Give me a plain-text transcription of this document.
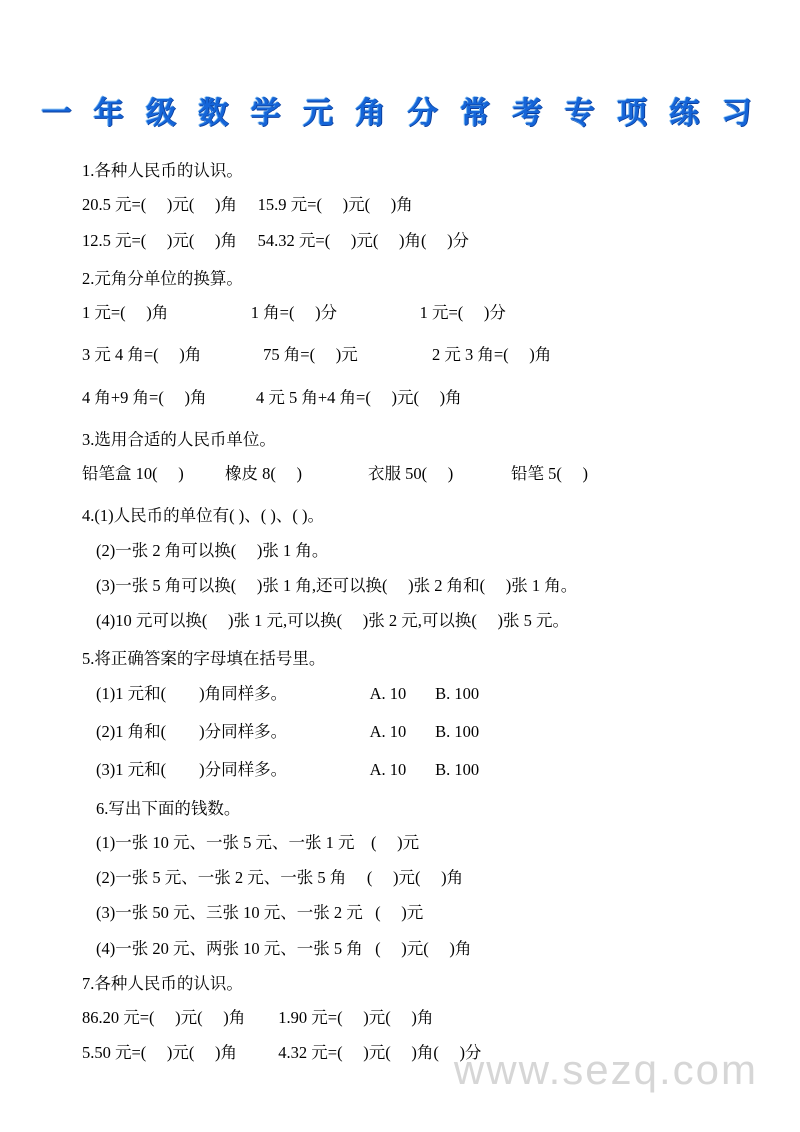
一 年 级 数 学 元 角 分 常 考 专 项 练 习
1.各种人民币的认识。
20.5 元=(     )元(     )角     15.9 元=(     )元(     )角
12.5 元=(     )元(     )角     54.32 元=(     )元(     )角(     )分
2.元角分单位的换算。
1 元=(     )角                    1 角=(     )分                    1 元=(     )分
3 元 4 角=(     )角               75 角=(     )元                  2 元 3 角=(     )角
4 角+9 角=(     )角            4 元 5 角+4 角=(     )元(     )角
3.选用合适的人民币单位。
铅笔盒 10(     )          橡皮 8(     )                衣服 50(     )              铅笔 5(     )
4.(1)人民币的单位有( )、( )、( )。
(2)一张 2 角可以换(     )张 1 角。
(3)一张 5 角可以换(     )张 1 角,还可以换(     )张 2 角和(     )张 1 角。
(4)10 元可以换(     )张 1 元,可以换(     )张 2 元,可以换(     )张 5 元。
5.将正确答案的字母填在括号里。
(1)1 元和(        )角同样多。                    A. 10       B. 100
(2)1 角和(        )分同样多。                    A. 10       B. 100
(3)1 元和(        )分同样多。                    A. 10       B. 100
6.写出下面的钱数。
(1)一张 10 元、一张 5 元、一张 1 元    (     )元
(2)一张 5 元、一张 2 元、一张 5 角     (     )元(     )角
(3)一张 50 元、三张 10 元、一张 2 元   (     )元
(4)一张 20 元、两张 10 元、一张 5 角   (     )元(     )角
7.各种人民币的认识。
86.20 元=(     )元(     )角        1.90 元=(     )元(     )角
5.50 元=(     )元(     )角          4.32 元=(     )元(     )角(     )分
www.sezq.com
